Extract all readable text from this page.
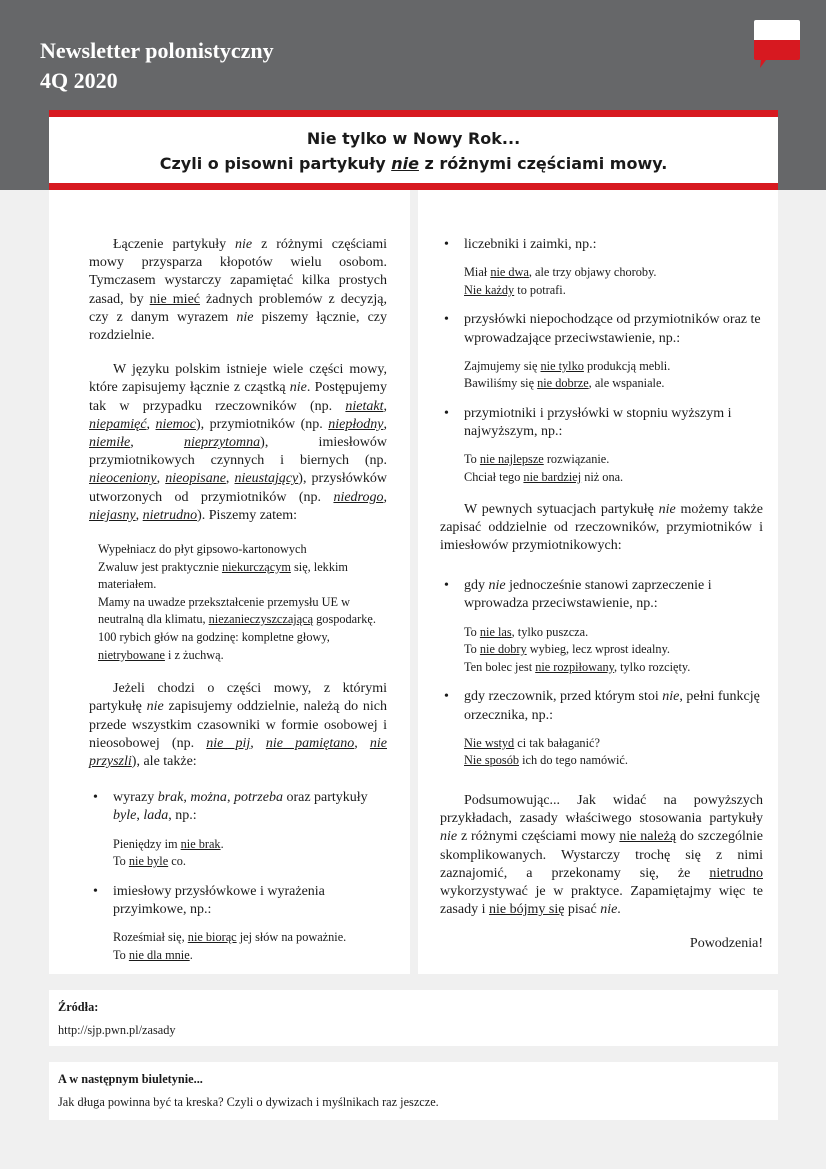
Newsletter polonistyczny
4Q 2020
Nie tylko w Nowy Rok...
Czyli o pisowni partykuły nie z różnymi częściami mowy.

Łączenie partykuły nie z różnymi częściami mowy przysparza kłopotów wielu osobom. Tymczasem wystarczy zapamiętać kilka prostych zasad, by nie mieć żadnych problemów z decyzją, czy z danym wyrazem nie piszemy łącznie, czy rozdzielnie.

W języku polskim istnieje wiele części mowy, które zapisujemy łącznie z cząstką nie. Postępujemy tak w przypadku rzeczowników (np. nietakt, niepamięć, niemoc), przymiotników (np. niepłodny, niemiłe, nieprzytomna), imiesłowów przymiotnikowych czynnych i biernych (np. nieoceniony, nieopisane, nieustający), przysłówków utworzonych od przymiotników (np. niedrogo, niejasny, nietrudno). Piszemy zatem:

Wypełniacz do płyt gipsowo-kartonowych
Zwaluw jest praktycznie niekurczącym się, lekkim materiałem.
Mamy na uwadze przekształcenie przemysłu UE w neutralną dla klimatu, niezanieczyszczającą gospodarkę.
100 rybich głów na godzinę: kompletne głowy, nietrybowane i z żuchwą.

Jeżeli chodzi o części mowy, z którymi partykułę nie zapisujemy oddzielnie, należą do nich przede wszystkim czasowniki w formie osobowej i nieosobowej (np. nie pij, nie pamiętano, nie przyszli), ale także:

• wyrazy brak, można, potrzeba oraz partykuły byle, lada, np.:
Pieniędzy im nie brak.
To nie byle co.
• imiesłowy przysłówkowe i wyrażenia przyimkowe, np.:
Roześmiał się, nie biorąc jej słów na poważnie.
To nie dla mnie.
• liczebniki i zaimki, np.:
Miał nie dwa, ale trzy objawy choroby.
Nie każdy to potrafi.
• przysłówki niepochodzące od przymiotników oraz te wprowadzające przeciwstawienie, np.:
Zajmujemy się nie tylko produkcją mebli.
Bawiliśmy się nie dobrze, ale wspaniale.
• przymiotniki i przysłówki w stopniu wyższym i najwyższym, np.:
To nie najlepsze rozwiązanie.
Chciał tego nie bardziej niż ona.

W pewnych sytuacjach partykułę nie możemy także zapisać oddzielnie od rzeczowników, przymiotników i imiesłowów przymiotnikowych:

• gdy nie jednocześnie stanowi zaprzeczenie i wprowadza przeciwstawienie, np.:
To nie las, tylko puszcza.
To nie dobry wybieg, lecz wprost idealny.
Ten bolec jest nie rozpiłowany, tylko rozcięty.
• gdy rzeczownik, przed którym stoi nie, pełni funkcję orzecznika, np.:
Nie wstyd ci tak bałaganić?
Nie sposób ich do tego namówić.

Podsumowując... Jak widać na powyższych przykładach, zasady właściwego stosowania partykuły nie z różnymi częściami mowy nie należą do szczególnie skomplikowanych. Wystarczy trochę się z nimi zaznajomić, a przekonamy się, że nietrudno wykorzystywać je w praktyce. Zapamiętajmy więc te zasady i nie bójmy się pisać nie.

Powodzenia!
Źródła:
http://sjp.pwn.pl/zasady
A w następnym biuletynie...
Jak długa powinna być ta kreska? Czyli o dywizach i myślnikach raz jeszcze.
